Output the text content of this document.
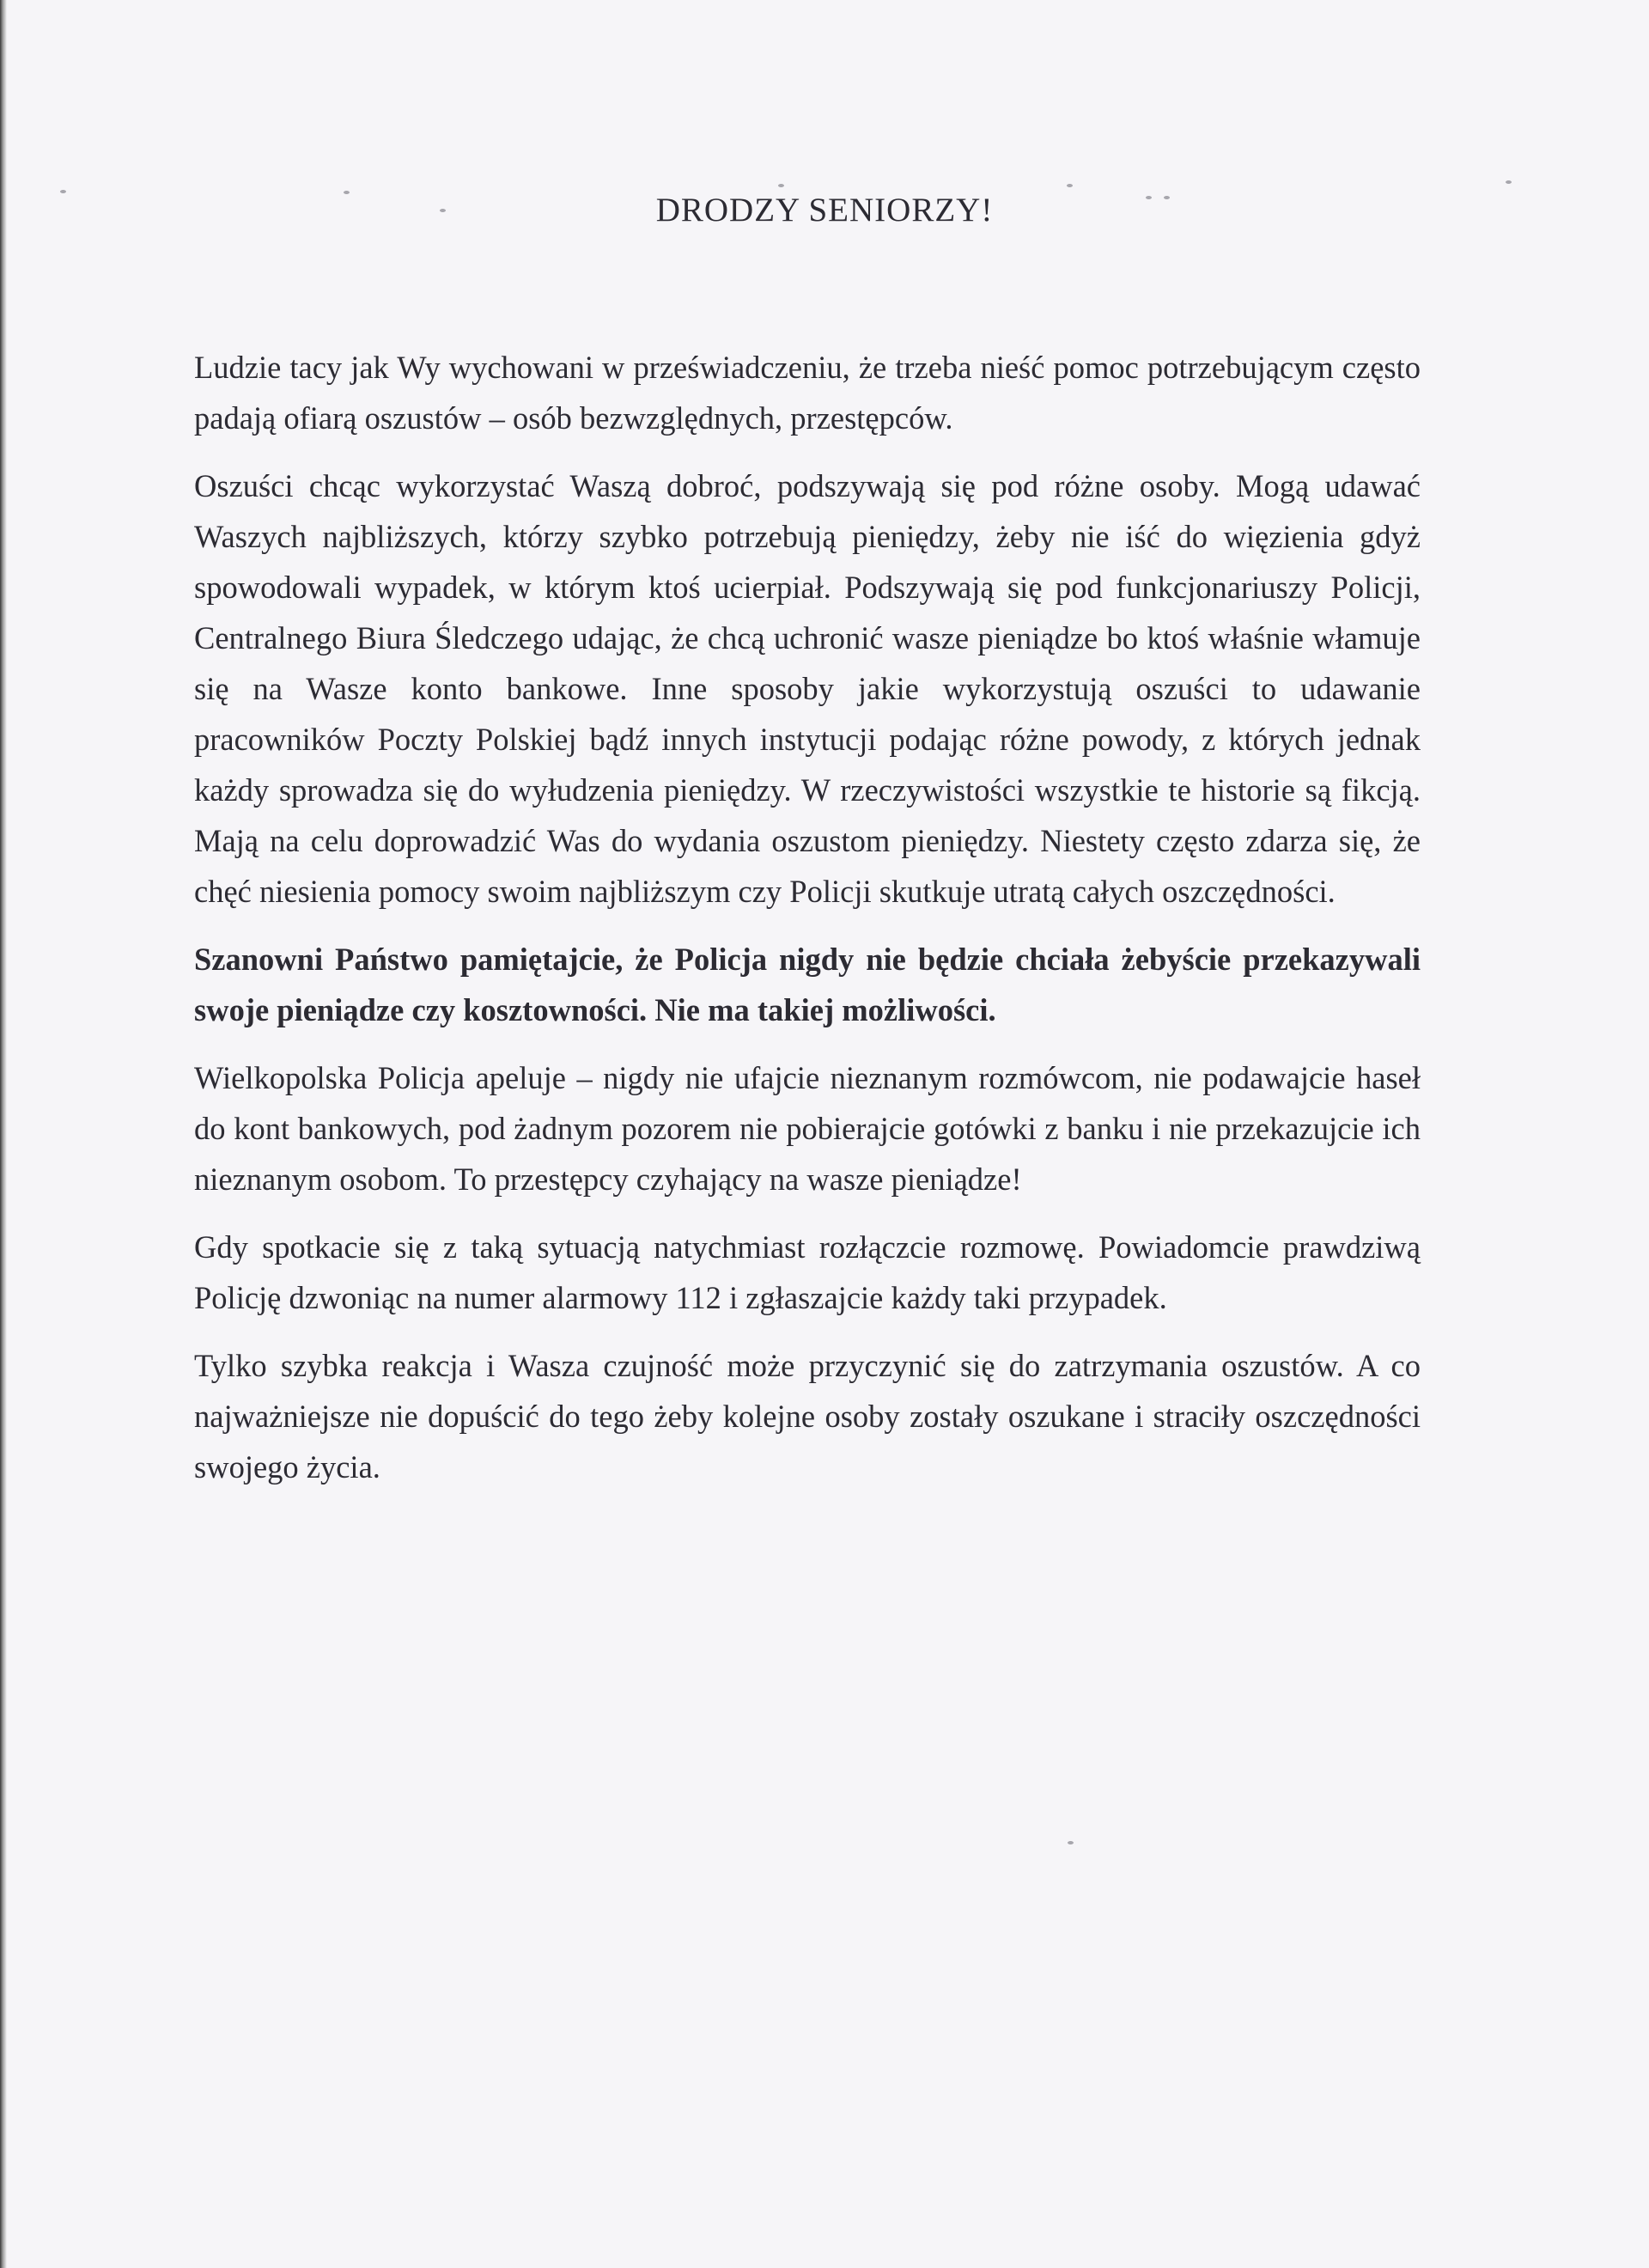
DRODZY SENIORZY!

Ludzie tacy jak Wy wychowani w przeświadczeniu, że trzeba nieść pomoc potrzebującym często padają ofiarą oszustów – osób bezwzględnych, przestępców.

Oszuści chcąc wykorzystać Waszą dobroć, podszywają się pod różne osoby. Mogą udawać Waszych najbliższych, którzy szybko potrzebują pieniędzy, żeby nie iść do więzienia gdyż spowodowali wypadek, w którym ktoś ucierpiał. Podszywają się pod funkcjonariuszy Policji, Centralnego Biura Śledczego udając, że chcą uchronić wasze pieniądze bo ktoś właśnie włamuje się na Wasze konto bankowe. Inne sposoby jakie wykorzystują oszuści to udawanie pracowników Poczty Polskiej bądź innych instytucji podając różne powody, z których jednak każdy sprowadza się do wyłudzenia pieniędzy. W rzeczywistości wszystkie te historie są fikcją. Mają na celu doprowadzić Was do wydania oszustom pieniędzy. Niestety często zdarza się, że chęć niesienia pomocy swoim najbliższym czy Policji skutkuje utratą całych oszczędności.

Szanowni Państwo pamiętajcie, że Policja nigdy nie będzie chciała żebyście przekazywali swoje pieniądze czy kosztowności. Nie ma takiej możliwości.

Wielkopolska Policja apeluje – nigdy nie ufajcie nieznanym rozmówcom, nie podawajcie haseł do kont bankowych, pod żadnym pozorem nie pobierajcie gotówki z banku i nie przekazujcie ich nieznanym osobom. To przestępcy czyhający na wasze pieniądze!

Gdy spotkacie się z taką sytuacją natychmiast rozłączcie rozmowę. Powiadomcie prawdziwą Policję dzwoniąc na numer alarmowy 112 i zgłaszajcie każdy taki przypadek.

Tylko szybka reakcja i Wasza czujność może przyczynić się do zatrzymania oszustów. A co najważniejsze nie dopuścić do tego żeby kolejne osoby zostały oszukane i straciły oszczędności swojego życia.
